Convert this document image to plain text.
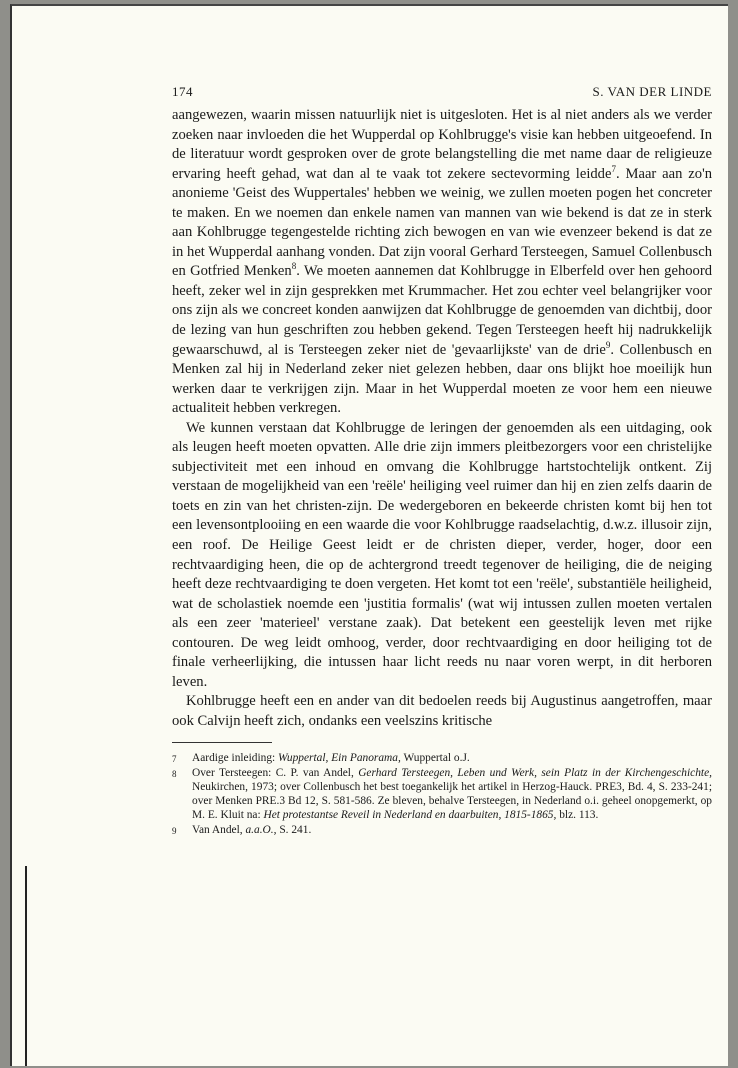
174	S. VAN DER LINDE

aangewezen, waarin missen natuurlijk niet is uitgesloten. Het is al niet anders als we verder zoeken naar invloeden die het Wupperdal op Kohlbrugge's visie kan hebben uitgeoefend. In de literatuur wordt gesproken over de grote belangstelling die met name daar de religieuze ervaring heeft gehad, wat dan al te vaak tot zekere sectevorming leidde$^7$. Maar aan zo'n anonieme 'Geist des Wuppertales' hebben we weinig, we zullen moeten pogen het concreter te maken. En we noemen dan enkele namen van mannen van wie bekend is dat ze in sterk aan Kohlbrugge tegengestelde richting zich bewogen en van wie evenzeer bekend is dat ze in het Wupperdal aanhang vonden. Dat zijn vooral Gerhard Tersteegen, Samuel Collenbusch en Gotfried Menken$^8$. We moeten aannemen dat Kohlbrugge in Elberfeld over hen gehoord heeft, zeker wel in zijn gesprekken met Krummacher. Het zou echter veel belangrijker voor ons zijn als we concreet konden aanwijzen dat Kohlbrugge de genoemden van dichtbij, door de lezing van hun geschriften zou hebben gekend. Tegen Tersteegen heeft hij nadrukkelijk gewaarschuwd, al is Tersteegen zeker niet de 'gevaarlijkste' van de drie$^9$. Collenbusch en Menken zal hij in Nederland zeker niet gelezen hebben, daar ons blijkt hoe moeilijk hun werken daar te verkrijgen zijn. Maar in het Wupperdal moeten ze voor hem een nieuwe actualiteit hebben verkregen.

We kunnen verstaan dat Kohlbrugge de leringen der genoemden als een uitdaging, ook als leugen heeft moeten opvatten. Alle drie zijn immers pleitbezorgers voor een christelijke subjectiviteit met een inhoud en omvang die Kohlbrugge hartstochtelijk ontkent. Zij verstaan de mogelijkheid van een 'reële' heiliging veel ruimer dan hij en zien zelfs daarin de toets en zin van het christen-zijn. De wedergeboren en bekeerde christen komt bij hen tot een levensontplooiing en een waarde die voor Kohlbrugge raadselachtig, d.w.z. illusoir zijn, een roof. De Heilige Geest leidt er de christen dieper, verder, hoger, door een rechtvaardiging heen, die op de achtergrond treedt tegenover de heiliging, die de neiging heeft deze rechtvaardiging te doen vergeten. Het komt tot een 'reële', substantiële heiligheid, wat de scholastiek noemde een 'justitia formalis' (wat wij intussen zullen moeten vertalen als een zeer 'materieel' verstane zaak). Dat betekent een geestelijk leven met rijke contouren. De weg leidt omhoog, verder, door rechtvaardiging en door heiliging tot de finale verheerlijking, die intussen haar licht reeds nu naar voren werpt, in dit herboren leven.

Kohlbrugge heeft een en ander van dit bedoelen reeds bij Augustinus aangetroffen, maar ook Calvijn heeft zich, ondanks een veelszins kritische

7	Aardige inleiding: Wuppertal, Ein Panorama, Wuppertal o.J.
8	Over Tersteegen: C. P. van Andel, Gerhard Tersteegen, Leben und Werk, sein Platz in der Kirchengeschichte, Neukirchen, 1973; over Collenbusch het best toegankelijk het artikel in Herzog-Hauck. PRE3, Bd. 4, S. 233-241; over Menken PRE.3 Bd 12, S. 581-586. Ze bleven, behalve Tersteegen, in Nederland o.i. geheel onopgemerkt, op M. E. Kluit na: Het protestantse Reveil in Nederland en daarbuiten, 1815-1865, blz. 113.
9	Van Andel, a.a.O., S. 241.
